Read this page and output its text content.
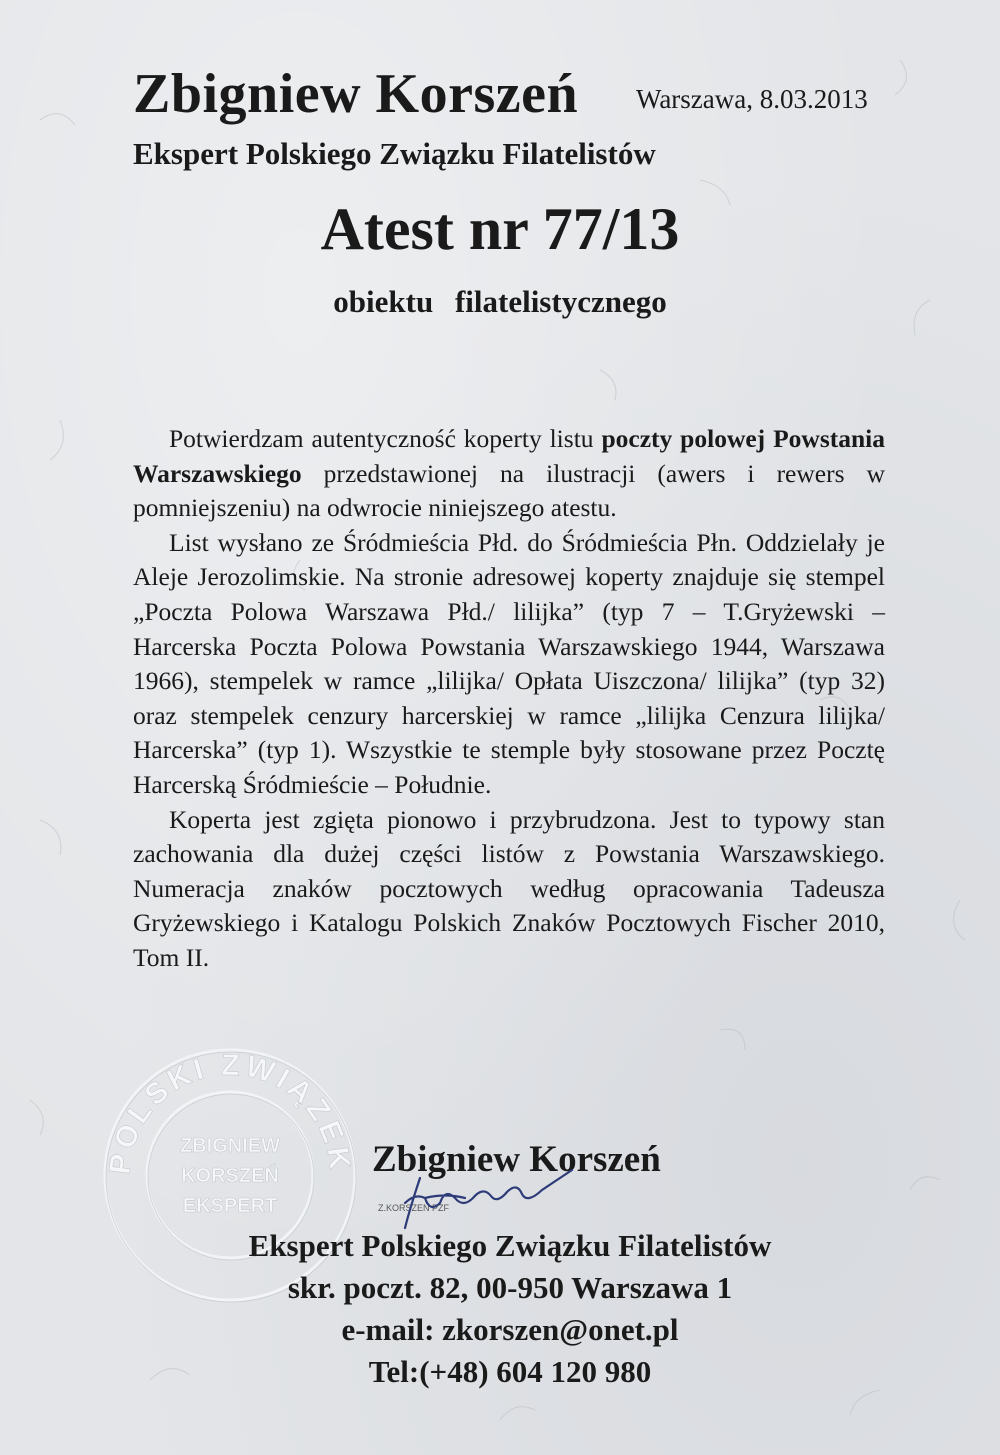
Zbigniew Korszeń Warszawa, 8.03.2013
Ekspert Polskiego Związku Filatelistów
Atest nr 77/13
obiektu filatelistycznego

Potwierdzam autentyczność koperty listu poczty polowej Powstania Warszawskiego przedstawionej na ilustracji (awers i rewers w pomniejszeniu) na odwrocie niniejszego atestu.

List wysłano ze Śródmieścia Płd. do Śródmieścia Płn. Oddzielały je Aleje Jerozolimskie. Na stronie adresowej koperty znajduje się stempel „Poczta Polowa Warszawa Płd./ lilijka” (typ 7 – T.Gryżewski – Harcerska Poczta Polowa Powstania Warszawskiego 1944, Warszawa 1966), stempelek w ramce „lilijka/ Opłata Uiszczona/ lilijka” (typ 32) oraz stempelek cenzury harcerskiej w ramce „lilijka Cenzura lilijka/ Harcerska” (typ 1). Wszystkie te stemple były stosowane przez Pocztę Harcerską Śródmieście – Południe.

Koperta jest zgięta pionowo i przybrudzona. Jest to typowy stan zachowania dla dużej części listów z Powstania Warszawskiego. Numeracja znaków pocztowych według opracowania Tadeusza Gryżewskiego i Katalogu Polskich Znaków Pocztowych Fischer 2010, Tom II.

POLSKI ZWIĄZEK
ZBIGNIEW
KORSZEŃ
EKSPERT
Zbigniew Korszeń
Z.KORSZEŃ PZF
Ekspert Polskiego Związku Filatelistów
skr. poczt. 82, 00-950 Warszawa 1
e-mail: zkorszen@onet.pl
Tel:(+48) 604 120 980
